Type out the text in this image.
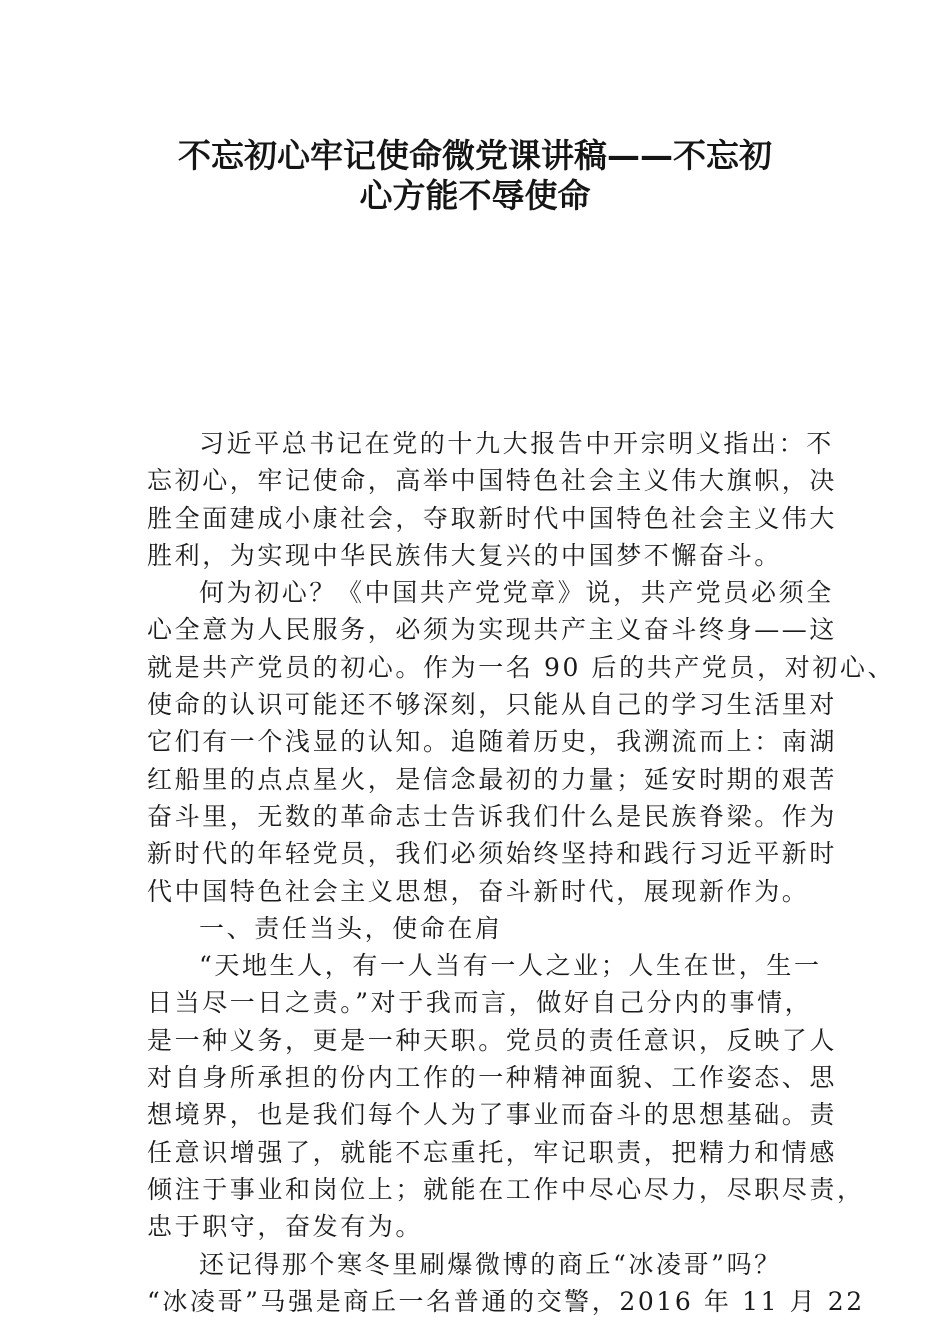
不忘初心牢记使命微党课讲稿——不忘初
心方能不辱使命
习近平总书记在党的十九大报告中开宗明义指出：不
忘初心，牢记使命，高举中国特色社会主义伟大旗帜，决
胜全面建成小康社会，夺取新时代中国特色社会主义伟大
胜利，为实现中华民族伟大复兴的中国梦不懈奋斗。
何为初心？《中国共产党党章》说，共产党员必须全
心全意为人民服务，必须为实现共产主义奋斗终身——这
就是共产党员的初心。作为一名 90 后的共产党员，对初心、
使命的认识可能还不够深刻，只能从自己的学习生活里对
它们有一个浅显的认知。追随着历史，我溯流而上：南湖
红船里的点点星火，是信念最初的力量；延安时期的艰苦
奋斗里，无数的革命志士告诉我们什么是民族脊梁。作为
新时代的年轻党员，我们必须始终坚持和践行习近平新时
代中国特色社会主义思想，奋斗新时代，展现新作为。
一、责任当头，使命在肩
“天地生人，有一人当有一人之业；人生在世，生一
日当尽一日之责。”对于我而言，做好自己分内的事情，
是一种义务，更是一种天职。党员的责任意识，反映了人
对自身所承担的份内工作的一种精神面貌、工作姿态、思
想境界，也是我们每个人为了事业而奋斗的思想基础。责
任意识增强了，就能不忘重托，牢记职责，把精力和情感
倾注于事业和岗位上；就能在工作中尽心尽力，尽职尽责，
忠于职守，奋发有为。
还记得那个寒冬里刷爆微博的商丘“冰凌哥”吗？
“冰凌哥”马强是商丘一名普通的交警，2016 年 11 月 22
